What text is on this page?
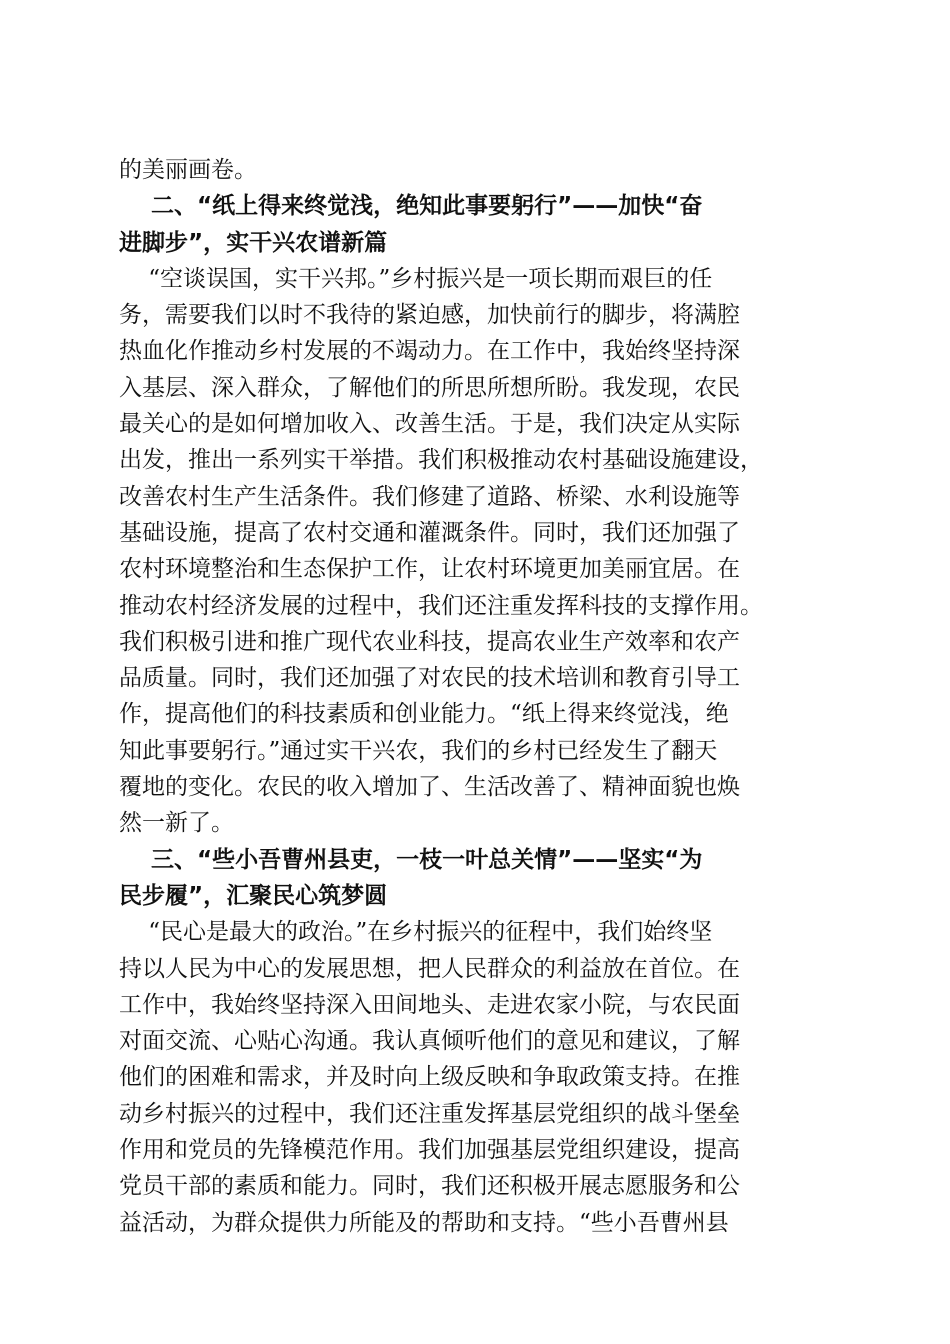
的美丽画卷。
二、“纸上得来终觉浅，绝知此事要躬行”——加快“奋
进脚步”，实干兴农谱新篇
“空谈误国，实干兴邦。”乡村振兴是一项长期而艰巨的任
务，需要我们以时不我待的紧迫感，加快前行的脚步，将满腔
热血化作推动乡村发展的不竭动力。在工作中，我始终坚持深
入基层、深入群众，了解他们的所思所想所盼。我发现，农民
最关心的是如何增加收入、改善生活。于是，我们决定从实际
出发，推出一系列实干举措。我们积极推动农村基础设施建设，
改善农村生产生活条件。我们修建了道路、桥梁、水利设施等
基础设施，提高了农村交通和灌溉条件。同时，我们还加强了
农村环境整治和生态保护工作，让农村环境更加美丽宜居。在
推动农村经济发展的过程中，我们还注重发挥科技的支撑作用。
我们积极引进和推广现代农业科技，提高农业生产效率和农产
品质量。同时，我们还加强了对农民的技术培训和教育引导工
作，提高他们的科技素质和创业能力。“纸上得来终觉浅，绝
知此事要躬行。”通过实干兴农，我们的乡村已经发生了翻天
覆地的变化。农民的收入增加了、生活改善了、精神面貌也焕
然一新了。
三、“些小吾曹州县吏，一枝一叶总关情”——坚实“为
民步履”，汇聚民心筑梦圆
“民心是最大的政治。”在乡村振兴的征程中，我们始终坚
持以人民为中心的发展思想，把人民群众的利益放在首位。在
工作中，我始终坚持深入田间地头、走进农家小院，与农民面
对面交流、心贴心沟通。我认真倾听他们的意见和建议，了解
他们的困难和需求，并及时向上级反映和争取政策支持。在推
动乡村振兴的过程中，我们还注重发挥基层党组织的战斗堡垒
作用和党员的先锋模范作用。我们加强基层党组织建设，提高
党员干部的素质和能力。同时，我们还积极开展志愿服务和公
益活动，为群众提供力所能及的帮助和支持。“些小吾曹州县
